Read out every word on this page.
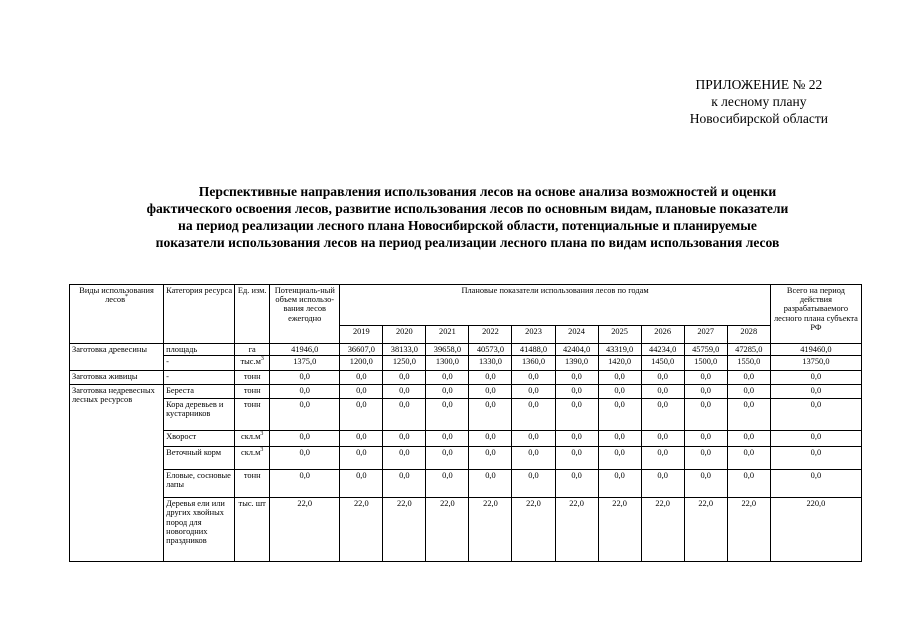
ПРИЛОЖЕНИЕ № 22
к лесному плану
Новосибирской области
Перспективные направления использования лесов на основе анализа возможностей и оценки
фактического освоения лесов, развитие использования лесов по основным видам, плановые показатели
на период реализации лесного плана Новосибирской области, потенциальные и планируемые
показатели использования лесов на период реализации лесного плана по видам использования лесов
Виды использования лесов*	Категория ресурса	Ед. изм.	Потенциаль-ный объем использо-вания лесов ежегодно	Плановые показатели использования лесов по годам										Всего на период действия разрабатываемого лесного плана субъекта РФ
				2019	2020	2021	2022	2023	2024	2025	2026	2027	2028	
Заготовка древесины	площадь	га	41946,0	36607,0	38133,0	39658,0	40573,0	41488,0	42404,0	43319,0	44234,0	45759,0	47285,0	419460,0
	-	$тыс.м^3$	1375,0	1200,0	1250,0	1300,0	1330,0	1360,0	1390,0	1420,0	1450,0	1500,0	1550,0	13750,0
Заготовка живицы	-	тонн	0,0	0,0	0,0	0,0	0,0	0,0	0,0	0,0	0,0	0,0	0,0	0,0
Заготовка недревесных лесных ресурсов	Береста	тонн	0,0	0,0	0,0	0,0	0,0	0,0	0,0	0,0	0,0	0,0	0,0	0,0
	Кора деревьев и кустарников	тонн	0,0	0,0	0,0	0,0	0,0	0,0	0,0	0,0	0,0	0,0	0,0	0,0
	Хворост	$скл.м^3$	0,0	0,0	0,0	0,0	0,0	0,0	0,0	0,0	0,0	0,0	0,0	0,0
	Веточный корм	$скл.м^3$	0,0	0,0	0,0	0,0	0,0	0,0	0,0	0,0	0,0	0,0	0,0	0,0
	Еловые, сосновые лапы	тонн	0,0	0,0	0,0	0,0	0,0	0,0	0,0	0,0	0,0	0,0	0,0	0,0
	Деревья ели или других хвойных пород для новогодних праздников	тыс. шт	22,0	22,0	22,0	22,0	22,0	22,0	22,0	22,0	22,0	22,0	22,0	220,0
